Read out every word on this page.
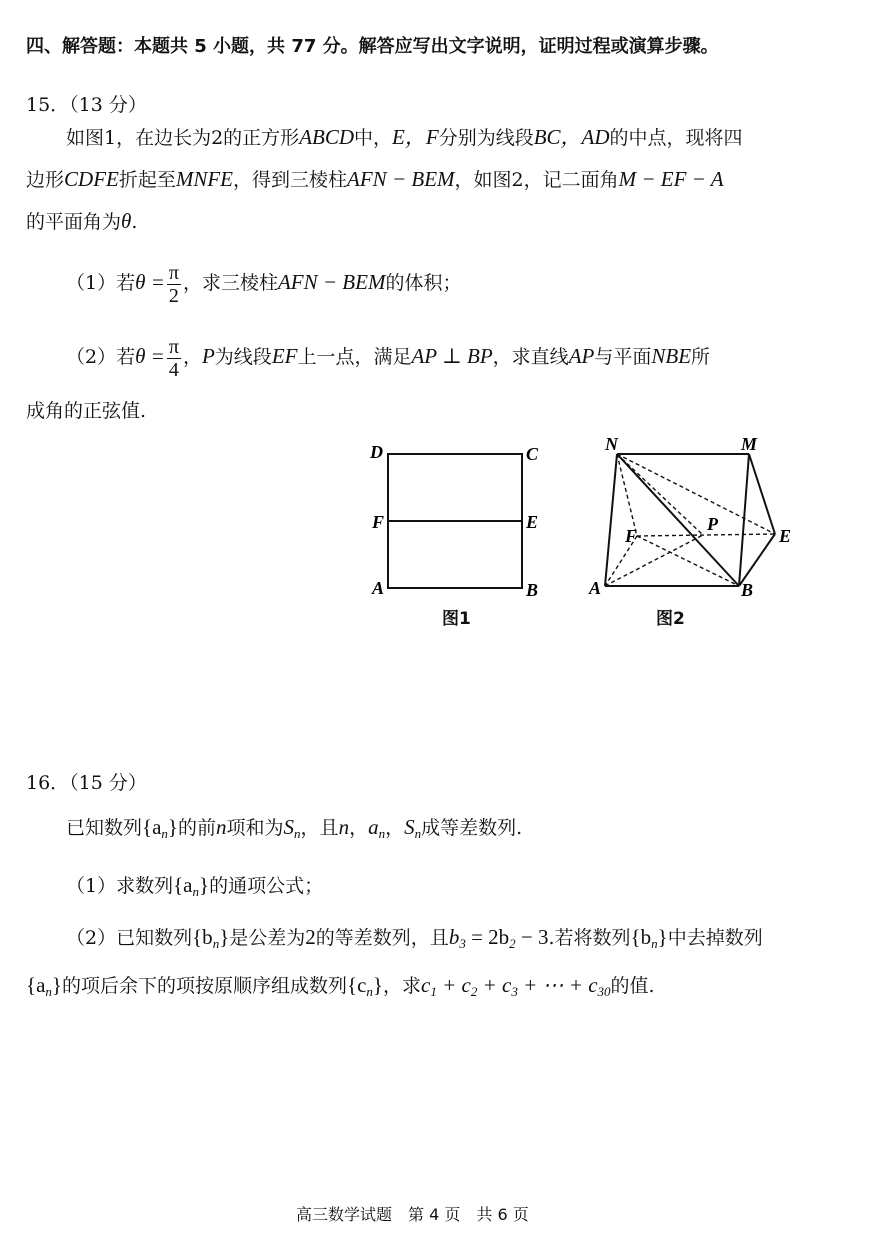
四、解答题：本题共 5 小题，共 77 分。解答应写出文字说明，证明过程或演算步骤。
15．（13 分）
如图1，在边长为2的正方形ABCD中，E，F分别为线段BC，AD的中点，现将四
边形CDFE折起至MNFE，得到三棱柱AFN − BEM，如图2，记二面角M − EF − A
的平面角为θ.
（1）若$\theta = \frac{\pi}{2}$ ，求三棱柱AFN − BEM的体积；
（2）若$\theta = \frac{\pi}{4}$ ，P为线段EF上一点，满足AP ⊥ BP，求直线AP与平面NBE所
成角的正弦值.
D	C
F	E
A	B
图1
N	M
F
P
E
A	B
图2
16．（15 分）
已知数列$\{a_n\}$的前n项和为$S_n$，且n，$a_n$，$S_n$成等差数列.
（1）求数列$\{a_n\}$的通项公式；
（2）已知数列$\{b_n\}$是公差为2的等差数列，且$b_3 = 2b_2 - 3$.若将数列$\{b_n\}$中去掉数列
$\{a_n\}$的项后余下的项按原顺序组成数列$\{c_n\}$，求$c_1 + c_2 + c_3$ + ⋯ + $c_{30}$的值.
高三数学试题　第 4 页　共 6 页
